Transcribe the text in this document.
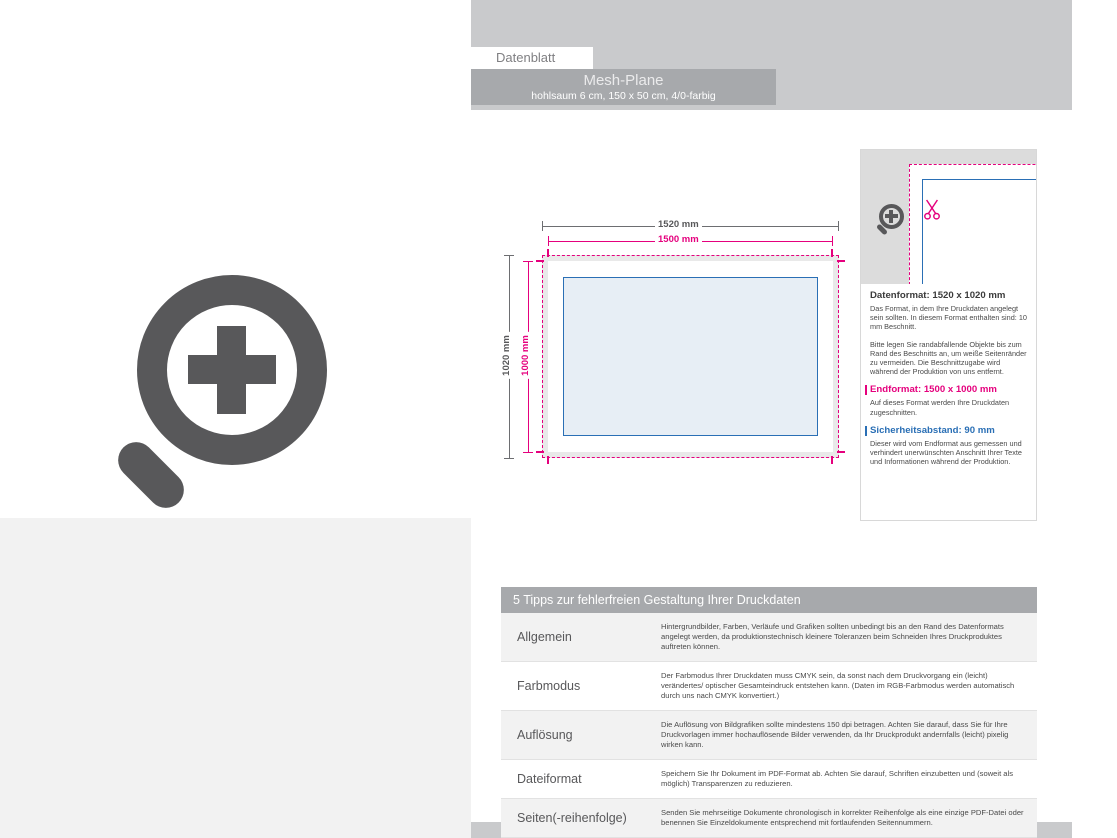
Datenblatt
Mesh-Plane
hohlsaum 6 cm, 150 x 50 cm, 4/0-farbig
1520 mm
1500 mm
1020 mm 1000 mm
Datenformat: 1520 x 1020 mm
Das Format, in dem Ihre Druckdaten angelegt sein sollten. In diesem Format enthalten sind: 10 mm Beschnitt.
Bitte legen Sie randabfallende Objekte bis zum Rand des Beschnitts an, um weiße Seitenränder zu vermeiden. Die Beschnittzugabe wird während der Produktion von uns entfernt.
Endformat: 1500 x 1000 mm
Auf dieses Format werden Ihre Druckdaten zugeschnitten.
Sicherheitsabstand: 90 mm
Dieser wird vom Endformat aus gemessen und verhindert unerwünschten Anschnitt Ihrer Texte und Informationen während der Produktion.
5 Tipps zur fehlerfreien Gestaltung Ihrer Druckdaten
Allgemein
Hintergrundbilder, Farben, Verläufe und Grafiken sollten unbedingt bis an den Rand des Datenformats angelegt werden, da produktionstechnisch kleinere Toleranzen beim Schneiden Ihres Druckproduktes auftreten können.
Farbmodus
Der Farbmodus Ihrer Druckdaten muss CMYK sein, da sonst nach dem Druckvorgang ein (leicht) verändertes/ optischer Gesamteindruck entstehen kann. (Daten im RGB-Farbmodus werden automatisch durch uns nach CMYK konvertiert.)
Auflösung
Die Auflösung von Bildgrafiken sollte mindestens 150 dpi betragen. Achten Sie darauf, dass Sie für Ihre Druckvorlagen immer hochauflösende Bilder verwenden, da Ihr Druckprodukt andernfalls (leicht) pixelig wirken kann.
Dateiformat	Speichern Sie Ihr Dokument im PDF-Format ab. Achten Sie darauf, Schriften einzubetten und (soweit als möglich) Transparenzen zu reduzieren.
Seiten(-reihenfolge)	Senden Sie mehrseitige Dokumente chronologisch in korrekter Reihenfolge als eine einzige PDF-Datei oder benennen Sie Einzeldokumente entsprechend mit fortlaufenden Seitennummern.
